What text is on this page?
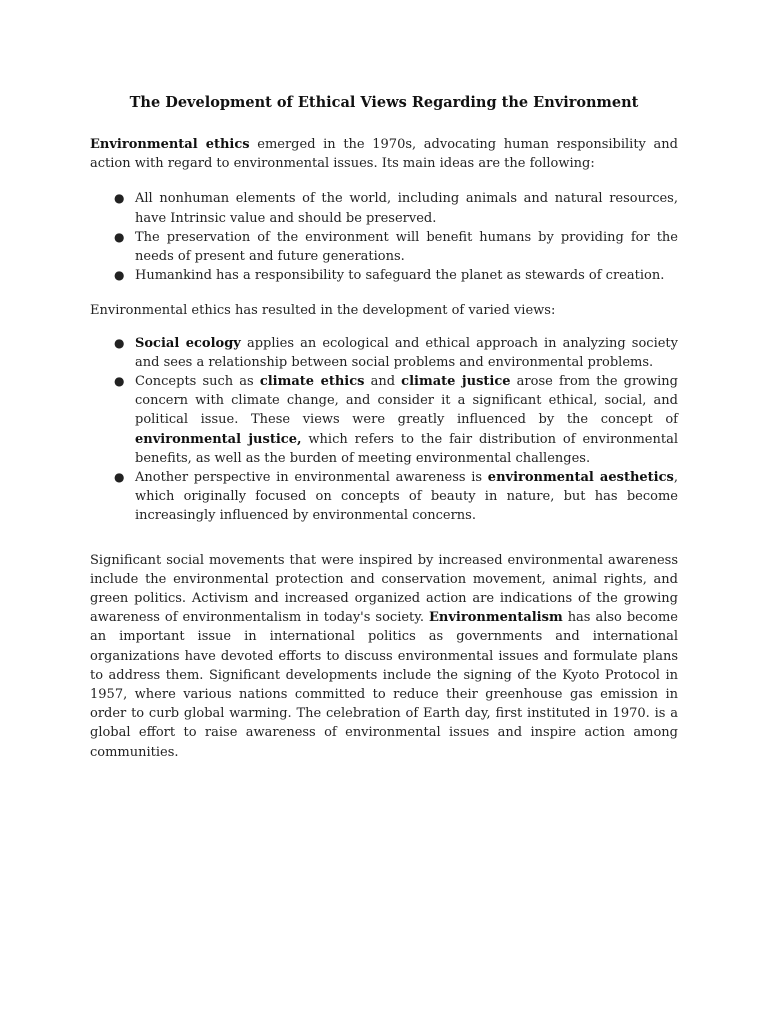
The Development of Ethical Views Regarding the Environment

Environmental ethics emerged in the 1970s, advocating human responsibility and action with regard to environmental issues. Its main ideas are the following:

● All nonhuman elements of the world, including animals and natural resources, have Intrinsic value and should be preserved.
● The preservation of the environment will benefit humans by providing for the needs of present and future generations.
● Humankind has a responsibility to safeguard the planet as stewards of creation.

Environmental ethics has resulted in the development of varied views:

● Social ecology applies an ecological and ethical approach in analyzing society and sees a relationship between social problems and environmental problems.
● Concepts such as climate ethics and climate justice arose from the growing concern with climate change, and consider it a significant ethical, social, and political issue. These views were greatly influenced by the concept of environmental justice, which refers to the fair distribution of environmental benefits, as well as the burden of meeting environmental challenges.
● Another perspective in environmental awareness is environmental aesthetics, which originally focused on concepts of beauty in nature, but has become increasingly influenced by environmental concerns.

Significant social movements that were inspired by increased environmental awareness include the environmental protection and conservation movement, animal rights, and green politics. Activism and increased organized action are indications of the growing awareness of environmentalism in today's society. Environmentalism has also become an important issue in international politics as governments and international organizations have devoted efforts to discuss environmental issues and formulate plans to address them. Significant developments include the signing of the Kyoto Protocol in 1957, where various nations committed to reduce their greenhouse gas emission in order to curb global warming. The celebration of Earth day, first instituted in 1970. is a global effort to raise awareness of environmental issues and inspire action among communities.
